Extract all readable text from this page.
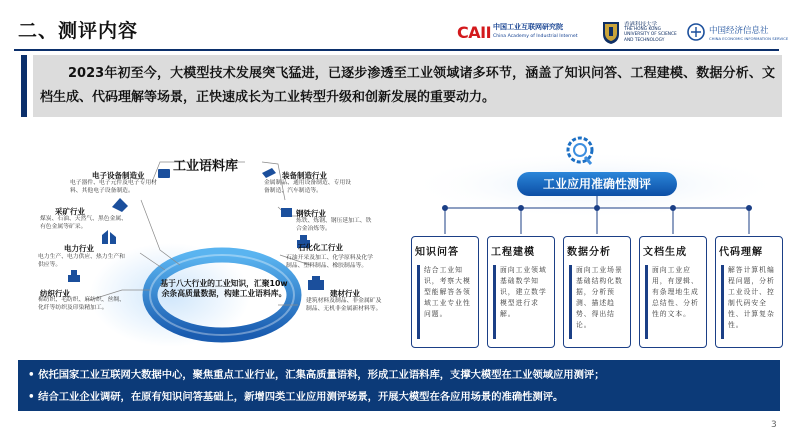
二、测评内容	CAII 中国工业互联网研究院
China Academy of Industrial Internet
香港科技大学
THE HONG KONG UNIVERSITY OF SCIENCE AND TECHNOLOGY
中国经济信息社
CHINA ECONOMIC INFORMATION SERVICE
2023年初至今，大模型技术发展突飞猛进，已逐步渗透至工业领域诸多环节，涵盖了知识问答、工程建模、数据分析、文档生成、代码理解等场景，正快速成长为工业转型升级和创新发展的重要动力。
工业语料库
基于八大行业的工业知识，汇聚10w余条高质量数据，构建工业语料库。
电子设备制造业
电子器件、电子元件及电子专用材料、其他电子设备制造。
采矿行业
煤炭、石油、天然气、黑色金属、有色金属等矿采。
电力行业
电力生产、电力供应、热力生产和供应等。
纺织行业
棉纺织、毛纺织、麻纺织、丝绸、化纤等纺织及印染精加工。
装备制造行业
金属制品、通用设备制造、专用设备制造、汽车制造等。
钢铁行业
炼铁、炼钢、钢压延加工、铁合金冶炼等。
石化化工行业
石油开采及加工、化学原料及化学制品、塑料制品、橡胶制品等。
建材行业
建筑材料及制品、非金属矿及制品、无机非金属新材料等。
工业应用准确性测评
知识问答
结合工业知识，考察大模型能解答各领域工业专业性问题。
工程建模
面向工业领域基础数学知识，建立数学模型进行求解。
数据分析
面向工业场景基础结构化数据，分析预测、描述趋势、得出结论。
文档生成
面向工业应用，有逻辑、有条理地生成总结性、分析性的文本。
代码理解
解答计算机编程问题，分析工业设计、控制代码安全性、计算复杂性。
• 依托国家工业互联网大数据中心，聚焦重点工业行业，汇集高质量语料，形成工业语料库，支撑大模型在工业领域应用测评；
• 结合工业企业调研，在原有知识问答基础上，新增四类工业应用测评场景，开展大模型在各应用场景的准确性测评。
3
